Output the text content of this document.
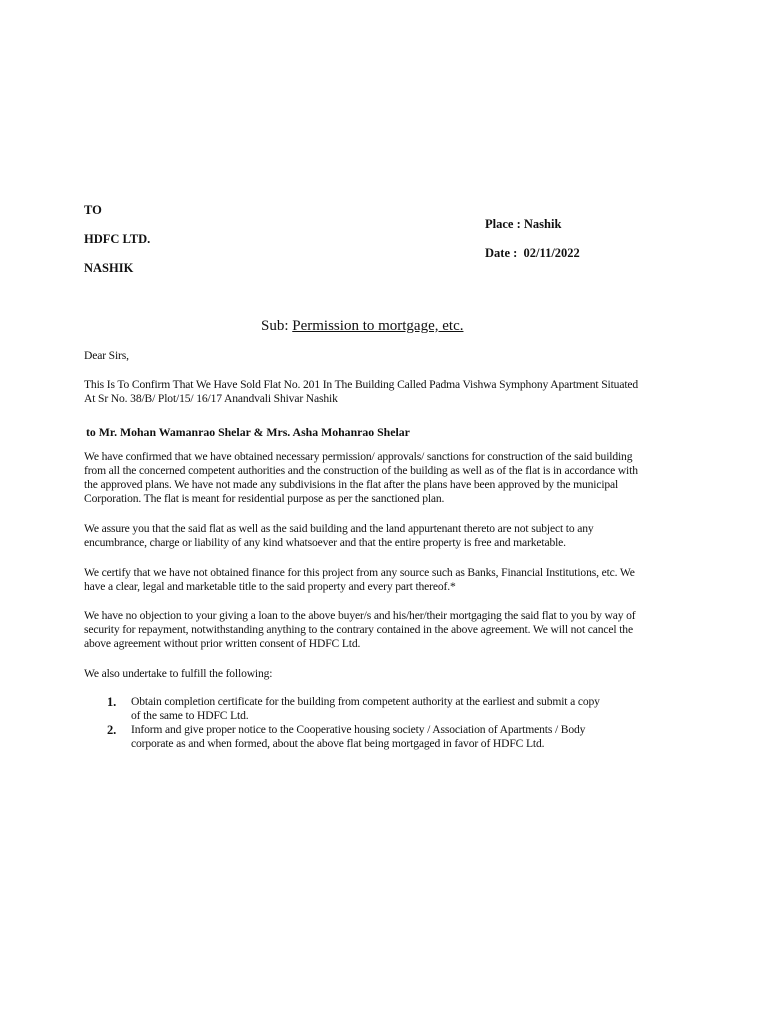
TO
HDFC LTD.
NASHIK
Place : Nashik
Date : 02/11/2022
Sub: Permission to mortgage, etc.
Dear Sirs,
This Is To Confirm That We Have Sold Flat No. 201 In The Building Called Padma Vishwa Symphony Apartment Situated
At Sr No. 38/B/ Plot/15/ 16/17 Anandvali Shivar Nashik
to Mr. Mohan Wamanrao Shelar & Mrs. Asha Mohanrao Shelar
We have confirmed that we have obtained necessary permission/ approvals/ sanctions for construction of the said building
from all the concerned competent authorities and the construction of the building as well as of the flat is in accordance with
the approved plans. We have not made any subdivisions in the flat after the plans have been approved by the municipal
Corporation. The flat is meant for residential purpose as per the sanctioned plan.
We assure you that the said flat as well as the said building and the land appurtenant thereto are not subject to any
encumbrance, charge or liability of any kind whatsoever and that the entire property is free and marketable.
We certify that we have not obtained finance for this project from any source such as Banks, Financial Institutions, etc. We
have a clear, legal and marketable title to the said property and every part thereof.*
We have no objection to your giving a loan to the above buyer/s and his/her/their mortgaging the said flat to you by way of
security for repayment, notwithstanding anything to the contrary contained in the above agreement. We will not cancel the
above agreement without prior written consent of HDFC Ltd.
We also undertake to fulfill the following:
1. Obtain completion certificate for the building from competent authority at the earliest and submit a copy
of the same to HDFC Ltd.
2. Inform and give proper notice to the Cooperative housing society / Association of Apartments / Body
corporate as and when formed, about the above flat being mortgaged in favor of HDFC Ltd.
